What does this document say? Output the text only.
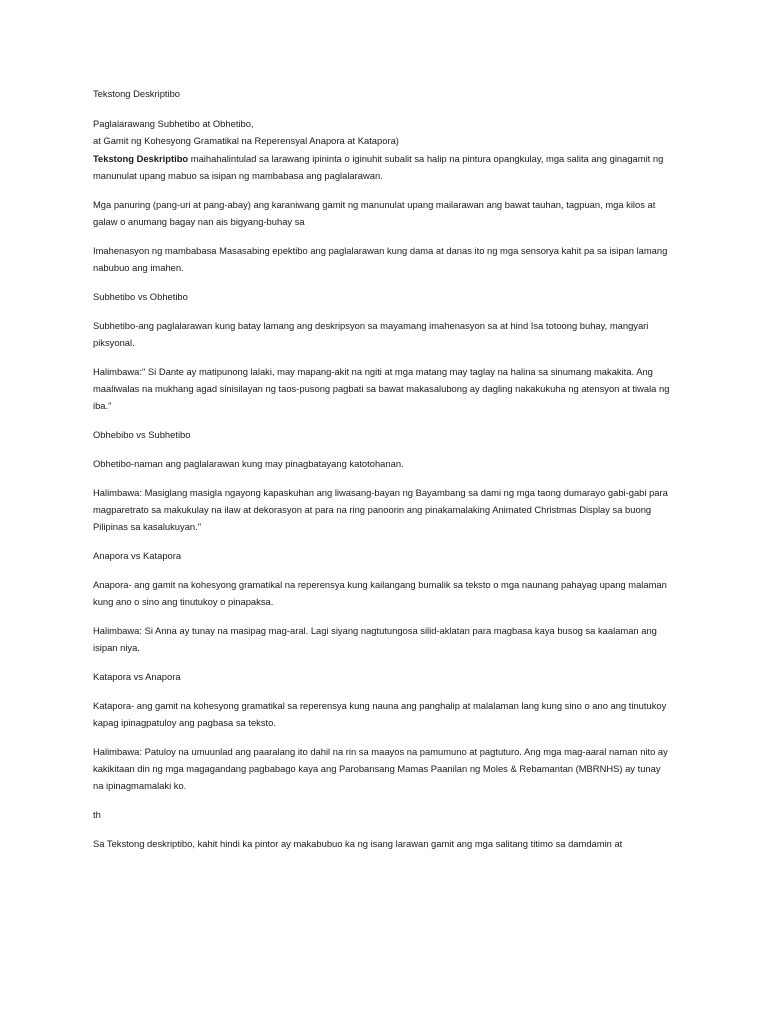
Tekstong Deskriptibo

Paglalarawang Subhetibo at Obhetibo,

at Gamit ng Kohesyong Gramatikal na Reperensyal Anapora at Katapora)

Tekstong Deskriptibo maihahalintulad sa larawang ipininta o iginuhit subalit sa halip na pintura opangkulay, mga salita ang ginagamit ng manunulat upang mabuo sa isipan ng mambabasa ang paglalarawan.

Mga panuring (pang-uri at pang-abay) ang karaniwang gamit ng manunulat upang mailarawan ang bawat tauhan, tagpuan, mga kilos at galaw o anumang bagay nan ais bigyang-buhay sa

Imahenasyon ng mambabasa Masasabing epektibo ang paglalarawan kung dama at danas ito ng mga sensorya kahit pa sa isipan lamang nabubuo ang imahen.

Subhetibo vs Obhetibo

Subhetibo-ang paglalarawan kung batay lamang ang deskripsyon sa mayamang imahenasyon sa at hind Isa totoong buhay, mangyari piksyonal.

Halimbawa:" Si Dante ay matipunong lalaki, may mapang-akit na ngiti at mga matang may taglay na halina sa sinumang makakita. Ang maaliwalas na mukhang agad sinisilayan ng taos-pusong pagbati sa bawat makasalubong ay dagling nakakukuha ng atensyon at tiwala ng iba."

Obhebibo vs Subhetibo

Obhetibo-naman ang paglalarawan kung may pinagbatayang katotohanan.

Halimbawa: Masiglang masigla ngayong kapaskuhan ang liwasang-bayan ng Bayambang sa dami ng mga taong dumarayo gabi-gabi para magparetrato sa makukulay na ilaw at dekorasyon at para na ring panoorin ang pinakamalaking Animated Christmas Display sa buong Pilipinas sa kasalukuyan."

Anapora vs Katapora

Anapora- ang gamit na kohesyong gramatikal na reperensya kung kailangang bumalik sa teksto o mga naunang pahayag upang malaman kung ano o sino ang tinutukoy o pinapaksa.

Halimbawa: Si Anna ay tunay na masipag mag-aral. Lagi siyang nagtutungosa silid-aklatan para magbasa kaya busog sa kaalaman ang isipan niya.

Katapora vs Anapora

Katapora- ang gamit na kohesyong gramatikal sa reperensya kung nauna ang panghalip at malalaman lang kung sino o ano ang tinutukoy kapag ipinagpatuloy ang pagbasa sa teksto.

Halimbawa: Patuloy na umuunlad ang paaralang ito dahil na rin sa maayos na pamumuno at pagtuturo. Ang mga mag-aaral naman nito ay kakikitaan din ng mga magagandang pagbabago kaya ang Parobansang Mamas Paanilan ng Moles & Rebamantan (MBRNHS) ay tunay na ipinagmamalaki ko.

th

Sa Tekstong deskriptibo, kahit hindi ka pintor ay makabubuo ka ng isang larawan gamit ang mga salitang titimo sa damdamin at
